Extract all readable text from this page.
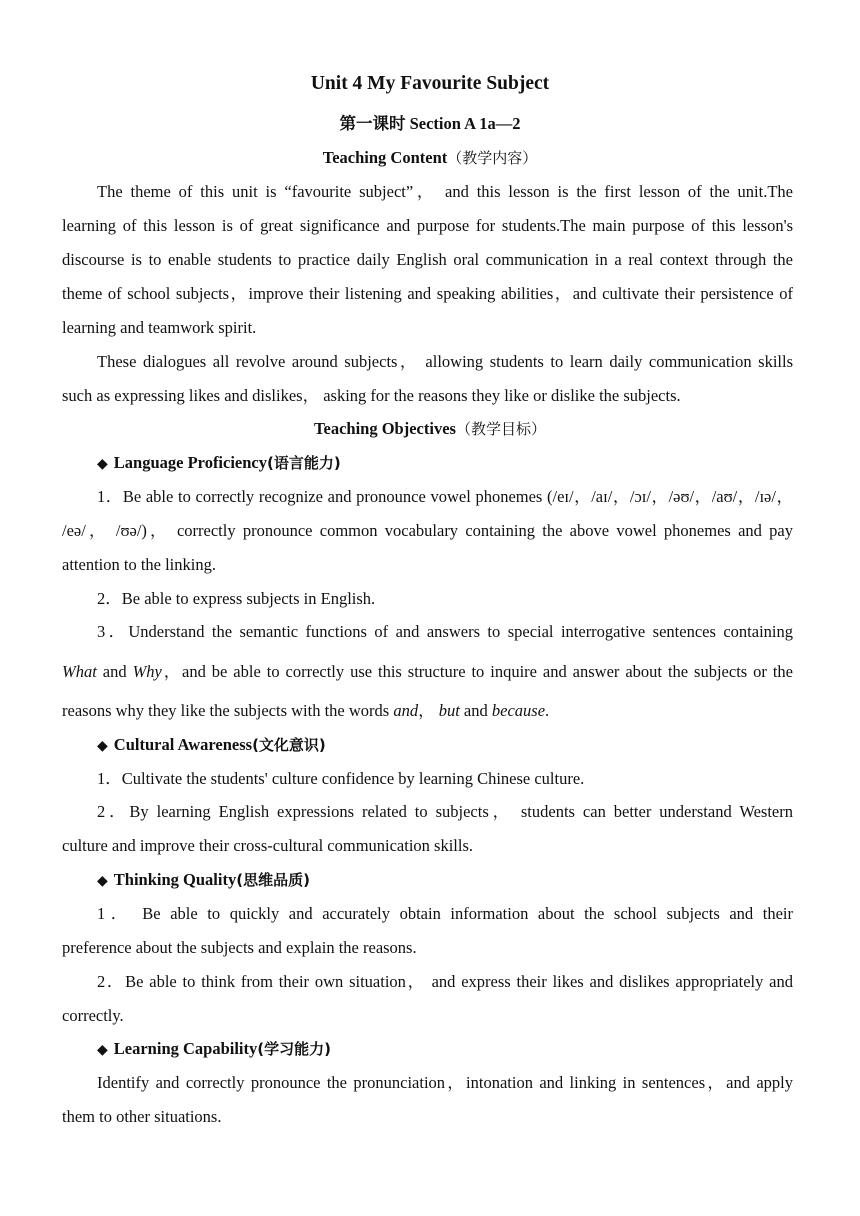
Unit 4 My Favourite Subject
第一课时 Section A 1a—2
Teaching Content（教学内容）
The theme of this unit is “favourite subject”， and this lesson is the first lesson of the unit.The
learning of this lesson is of great significance and purpose for students.The main purpose of this lesson's
discourse is to enable students to practice daily English oral communication in a real context through the
theme of school subjects，improve their listening and speaking abilities，and cultivate their persistence of
learning and teamwork spirit.
These dialogues all revolve around subjects， allowing students to learn daily communication skills
such as expressing likes and dislikes， asking for the reasons they like or dislike the subjects.
Teaching Objectives（教学目标）
◆ Language Proficiency(语言能力)
1．Be able to correctly recognize and pronounce vowel phonemes (/eɪ/，/aɪ/，/ɔɪ/，/əʊ/，/aʊ/，/ɪə/，
/eə/， /ʊə/)， correctly pronounce common vocabulary containing the above vowel phonemes and pay
attention to the linking.
2．Be able to express subjects in English.
3．Understand the semantic functions of and answers to special interrogative sentences containing
What and Why，and be able to correctly use this structure to inquire and answer about the subjects or the
reasons why they like the subjects with the words and， but and because.
◆ Cultural Awareness(文化意识)
1．Cultivate the students' culture confidence by learning Chinese culture.
2．By learning English expressions related to subjects， students can better understand Western
culture and improve their cross-cultural communication skills.
◆ Thinking Quality(思维品质)
1． Be able to quickly and accurately obtain information about the school subjects and their
preference about the subjects and explain the reasons.
2．Be able to think from their own situation， and express their likes and dislikes appropriately and
correctly.
◆ Learning Capability(学习能力)
Identify and correctly pronounce the pronunciation，intonation and linking in sentences，and apply
them to other situations.
